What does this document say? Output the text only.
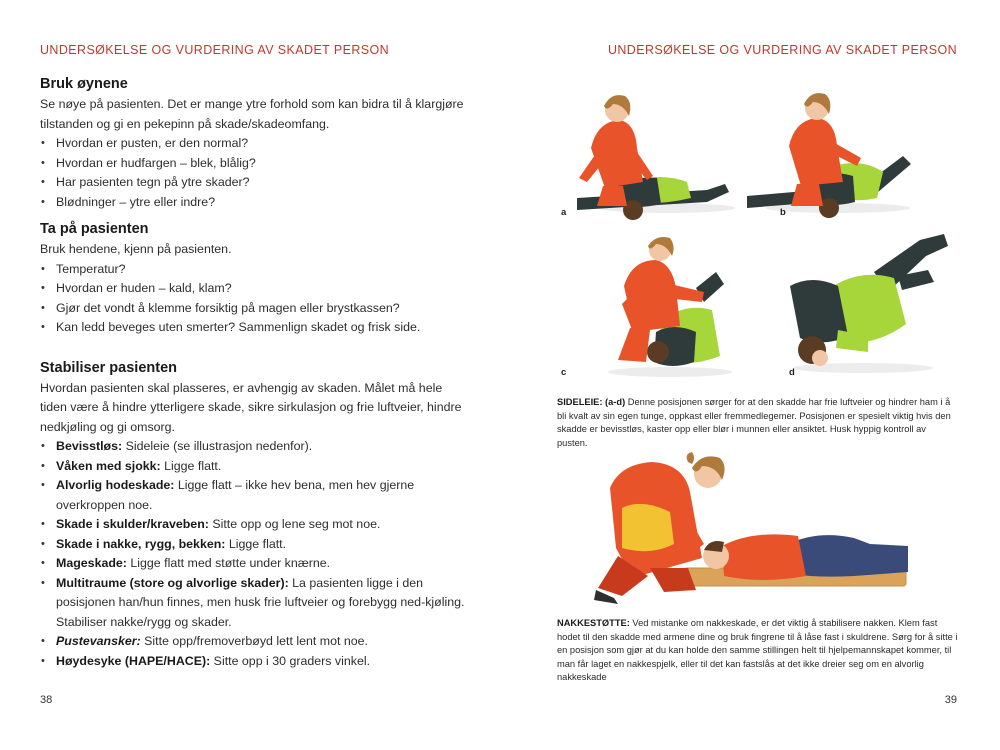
UNDERSØKELSE OG VURDERING AV SKADET PERSON
Bruk øynene

Se nøye på pasienten. Det er mange ytre forhold som kan bidra til å klargjøre tilstanden og gi en pekepinn på skade/skadeomfang.

• Hvordan er pusten, er den normal?
• Hvordan er hudfargen – blek, blålig?
• Har pasienten tegn på ytre skader?
• Blødninger – ytre eller indre?
Ta på pasienten

Bruk hendene, kjenn på pasienten.

• Temperatur?
• Hvordan er huden – kald, klam?
• Gjør det vondt å klemme forsiktig på magen eller brystkassen?
• Kan ledd beveges uten smerter? Sammenlign skadet og frisk side.
Stabiliser pasienten

Hvordan pasienten skal plasseres, er avhengig av skaden. Målet må hele tiden være å hindre ytterligere skade, sikre sirkulasjon og frie luftveier, hindre nedkjøling og gi omsorg.

• Bevisstløs: Sideleie (se illustrasjon nedenfor).
• Våken med sjokk: Ligge flatt.
• Alvorlig hodeskade: Ligge flatt – ikke hev bena, men hev gjerne overkroppen noe.
• Skade i skulder/kraveben: Sitte opp og lene seg mot noe.
• Skade i nakke, rygg, bekken: Ligge flatt.
• Mageskade: Ligge flatt med støtte under knærne.
• Multitraume (store og alvorlige skader): La pasienten ligge i den posisjonen han/hun finnes, men husk frie luftveier og forebygg ned-kjøling. Stabiliser nakke/rygg og skader.
• Pustevansker: Sitte opp/fremoverbøyd lett lent mot noe.
• Høydesyke (HAPE/HACE): Sitte opp i 30 graders vinkel.
38
UNDERSØKELSE OG VURDERING AV SKADET PERSON
39
a	b
c	d
SIDELEIE: (a-d) Denne posisjonen sørger for at den skadde har frie luftveier og hindrer ham i å bli kvalt av sin egen tunge, oppkast eller fremmedlegemer. Posisjonen er spesielt viktig hvis den skadde er bevisstløs, kaster opp eller blør i munnen eller ansiktet. Husk hyppig kontroll av pusten.
NAKKESTØTTE: Ved mistanke om nakkeskade, er det viktig å stabilisere nakken. Klem fast hodet til den skadde med armene dine og bruk fingrene til å låse fast i skuldrene. Sørg for å sitte i en posisjon som gjør at du kan holde den samme stillingen helt til hjelpemannskapet kommer, til man får laget en nakkespjelk, eller til det kan fastslås at det ikke dreier seg om en alvorlig nakkeskade
